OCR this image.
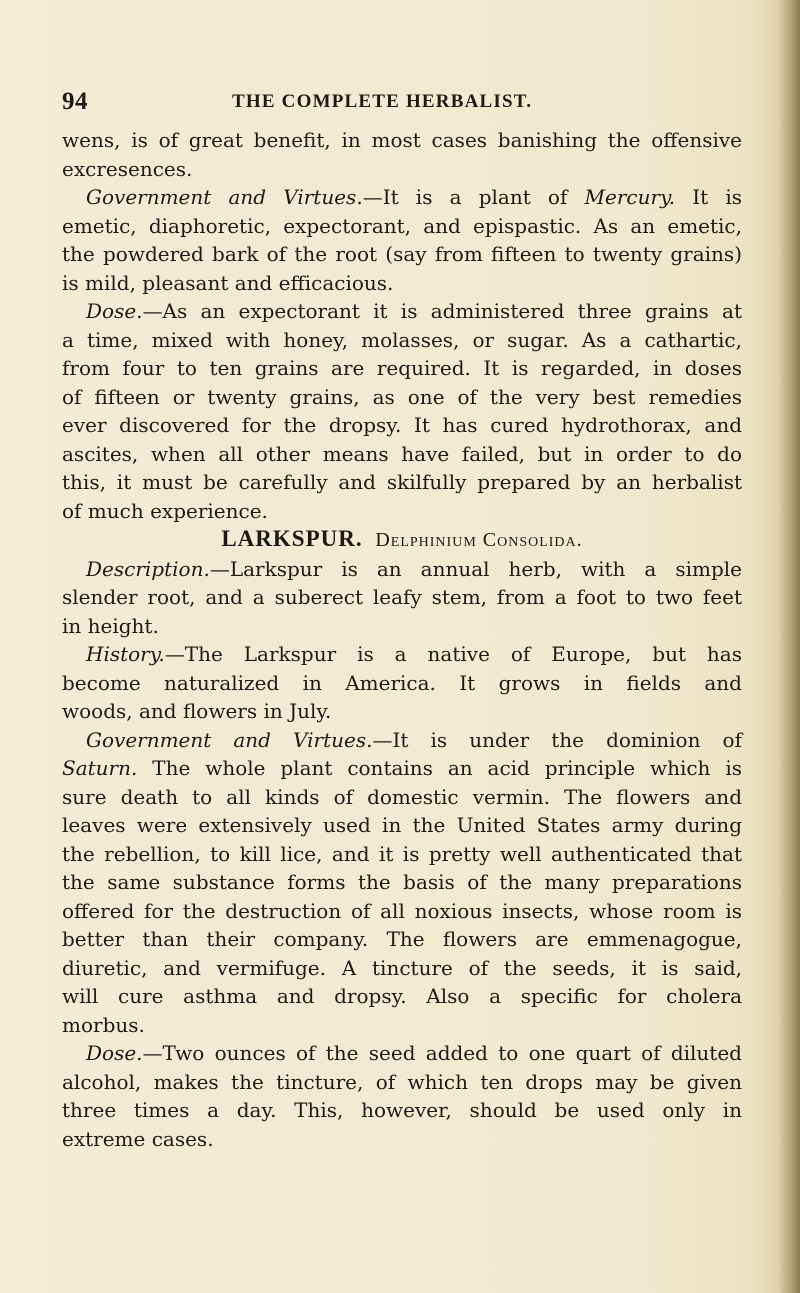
94	THE COMPLETE HERBALIST.
wens, is of great benefit, in most cases banishing the offensive
excresences.
Government and Virtues.—It is a plant of Mercury. It is
emetic, diaphoretic, expectorant, and epispastic. As an emetic,
the powdered bark of the root (say from fifteen to twenty grains)
is mild, pleasant and efficacious.
Dose.—As an expectorant it is administered three grains at
a time, mixed with honey, molasses, or sugar. As a cathartic,
from four to ten grains are required. It is regarded, in doses
of fifteen or twenty grains, as one of the very best remedies
ever discovered for the dropsy. It has cured hydrothorax, and
ascites, when all other means have failed, but in order to do
this, it must be carefully and skilfully prepared by an herbalist
of much experience.
LARKSPUR. Delphinium Consolida.
Description.—Larkspur is an annual herb, with a simple
slender root, and a suberect leafy stem, from a foot to two feet
in height.
History.—The Larkspur is a native of Europe, but has
become naturalized in America. It grows in fields and
woods, and flowers in July.
Government and Virtues.—It is under the dominion of
Saturn. The whole plant contains an acid principle which is
sure death to all kinds of domestic vermin. The flowers and
leaves were extensively used in the United States army during
the rebellion, to kill lice, and it is pretty well authenticated that
the same substance forms the basis of the many preparations
offered for the destruction of all noxious insects, whose room is
better than their company. The flowers are emmenagogue,
diuretic, and vermifuge. A tincture of the seeds, it is said,
will cure asthma and dropsy. Also a specific for cholera
morbus.
Dose.—Two ounces of the seed added to one quart of diluted
alcohol, makes the tincture, of which ten drops may be given
three times a day. This, however, should be used only in
extreme cases.
